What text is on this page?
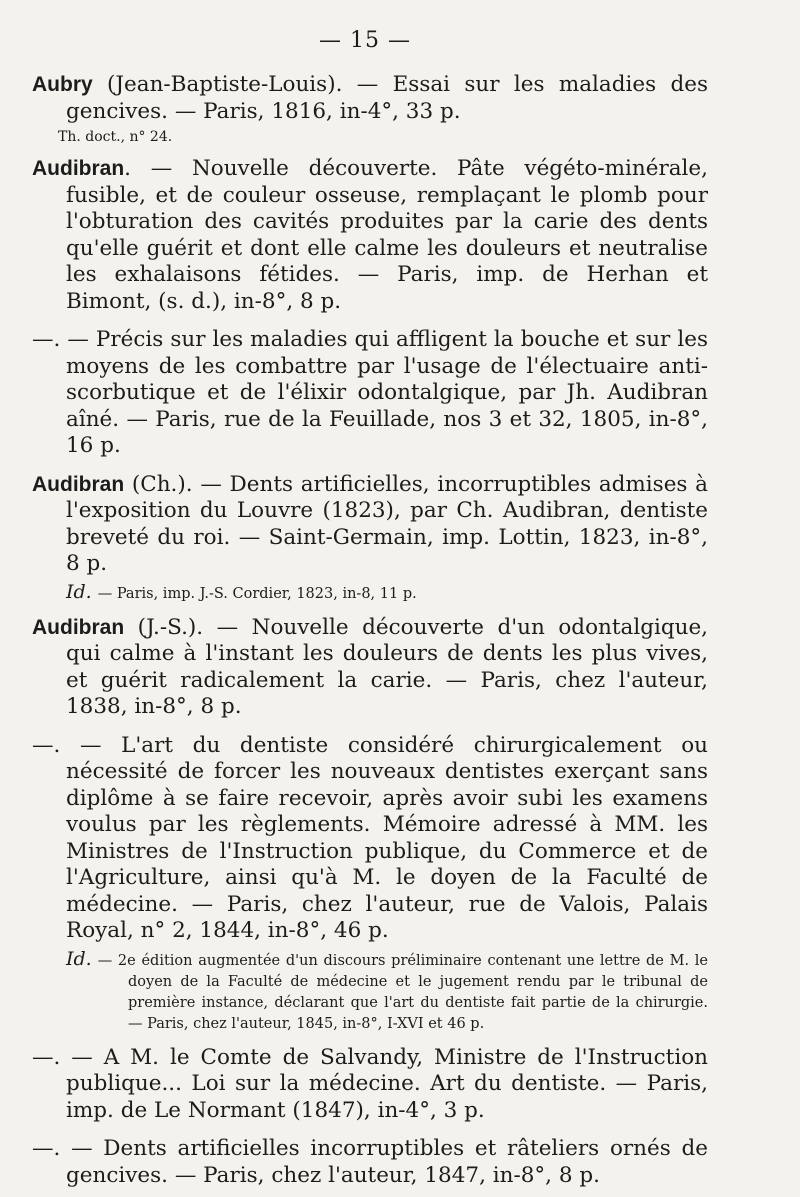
— 15 —

Aubry (Jean-Baptiste-Louis). — Essai sur les maladies des gencives. — Paris, 1816, in-4°, 33 p.

Th. doct., n° 24.

Audibran. — Nouvelle découverte. Pâte végéto-minérale, fusible, et de couleur osseuse, remplaçant le plomb pour l'obturation des cavités produites par la carie des dents qu'elle guérit et dont elle calme les douleurs et neutralise les exhalaisons fétides. — Paris, imp. de Herhan et Bimont, (s. d.), in-8°, 8 p.

—. — Précis sur les maladies qui affligent la bouche et sur les moyens de les combattre par l'usage de l'électuaire anti-scorbutique et de l'élixir odontalgique, par Jh. Audibran aîné. — Paris, rue de la Feuillade, nos 3 et 32, 1805, in-8°, 16 p.

Audibran (Ch.). — Dents artificielles, incorruptibles admises à l'exposition du Louvre (1823), par Ch. Audibran, dentiste breveté du roi. — Saint-Germain, imp. Lottin, 1823, in-8°, 8 p.

Id. — Paris, imp. J.-S. Cordier, 1823, in-8, 11 p.

Audibran (J.-S.). — Nouvelle découverte d'un odontalgique, qui calme à l'instant les douleurs de dents les plus vives, et guérit radicalement la carie. — Paris, chez l'auteur, 1838, in-8°, 8 p.

—. — L'art du dentiste considéré chirurgicalement ou nécessité de forcer les nouveaux dentistes exerçant sans diplôme à se faire recevoir, après avoir subi les examens voulus par les règlements. Mémoire adressé à MM. les Ministres de l'Instruction publique, du Commerce et de l'Agriculture, ainsi qu'à M. le doyen de la Faculté de médecine. — Paris, chez l'auteur, rue de Valois, Palais Royal, n° 2, 1844, in-8°, 46 p.

Id. — 2e édition augmentée d'un discours préliminaire contenant une lettre de M. le doyen de la Faculté de médecine et le jugement rendu par le tribunal de première instance, déclarant que l'art du dentiste fait partie de la chirurgie. — Paris, chez l'auteur, 1845, in-8°, I-XVI et 46 p.

—. — A M. le Comte de Salvandy, Ministre de l'Instruction publique... Loi sur la médecine. Art du dentiste. — Paris, imp. de Le Normant (1847), in-4°, 3 p.

—. — Dents artificielles incorruptibles et râteliers ornés de gencives. — Paris, chez l'auteur, 1847, in-8°, 8 p.
